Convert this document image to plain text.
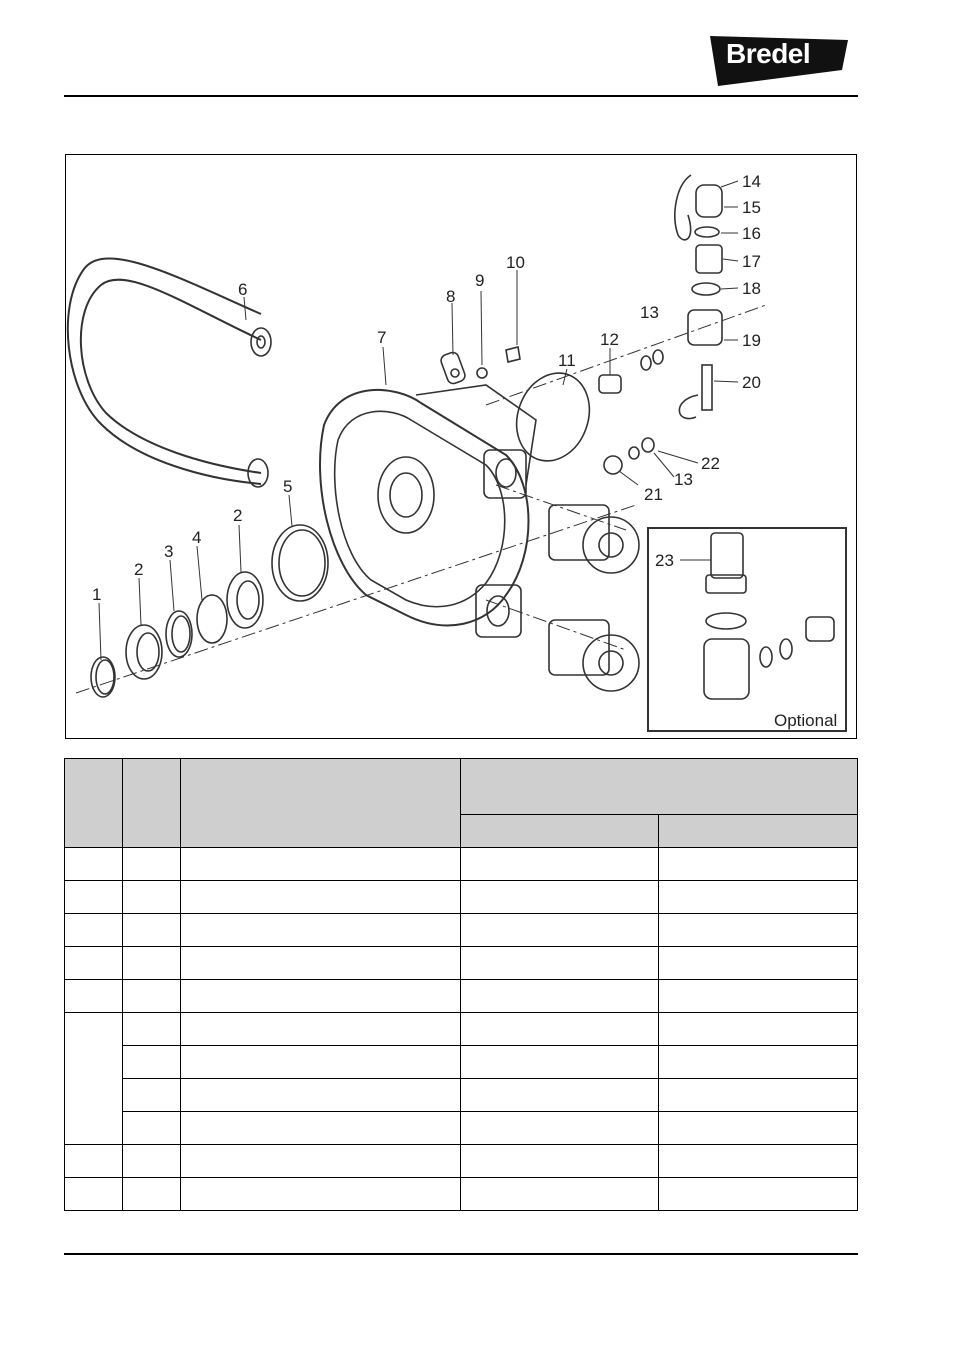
Bredel
1
2
3
4
2
5
6
7
8
9
10
11
12
13
14
15
16
17
18
19
20
21
13
22
23
Optional
